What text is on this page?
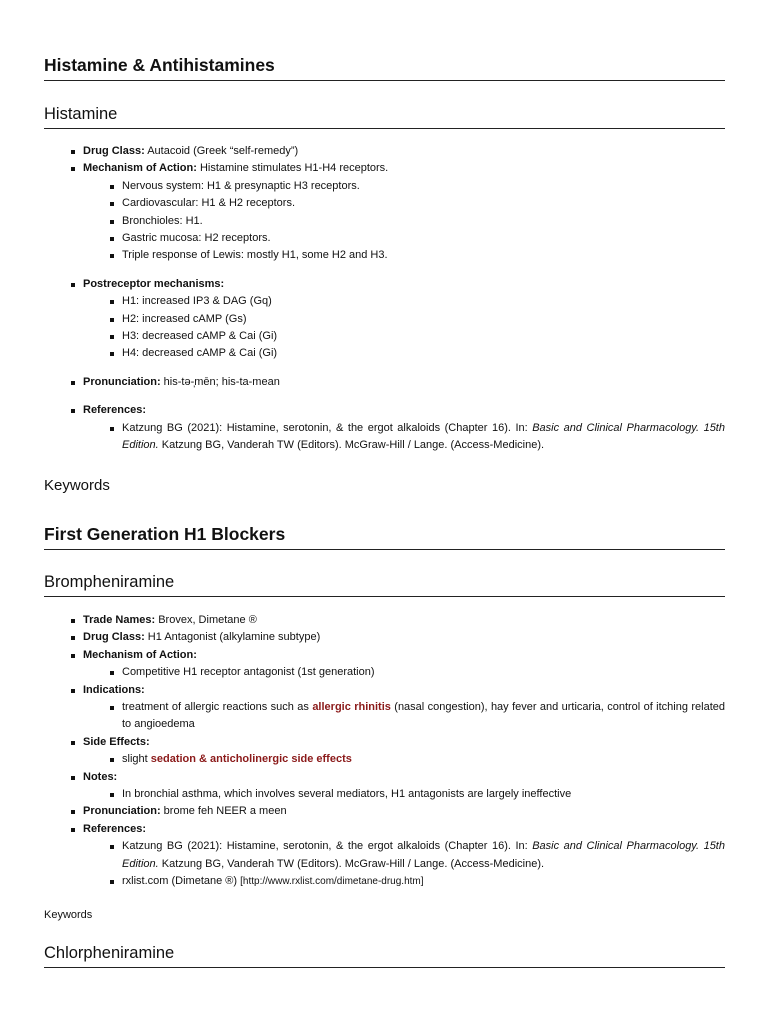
Histamine & Antihistamines
Histamine
Drug Class: Autacoid (Greek “self-remedy”)
Mechanism of Action: Histamine stimulates H1-H4 receptors.
Nervous system: H1 & presynaptic H3 receptors.
Cardiovascular: H1 & H2 receptors.
Bronchioles: H1.
Gastric mucosa: H2 receptors.
Triple response of Lewis: mostly H1, some H2 and H3.
Postreceptor mechanisms:
H1: increased IP3 & DAG (Gq)
H2: increased cAMP (Gs)
H3: decreased cAMP & Cai (Gi)
H4: decreased cAMP & Cai (Gi)
Pronunciation: his-tə-̦mēn; his-ta-mean
References:
Katzung BG (2021): Histamine, serotonin, & the ergot alkaloids (Chapter 16). In: Basic and Clinical Pharmacology. 15th Edition. Katzung BG, Vanderah TW (Editors). McGraw-Hill / Lange. (Access-Medicine).
Keywords
First Generation H1 Blockers
Brompheniramine
Trade Names: Brovex, Dimetane ®
Drug Class: H1 Antagonist (alkylamine subtype)
Mechanism of Action:
Competitive H1 receptor antagonist (1st generation)
Indications:
treatment of allergic reactions such as allergic rhinitis (nasal congestion), hay fever and urticaria, control of itching related to angioedema
Side Effects:
slight sedation & anticholinergic side effects
Notes:
In bronchial asthma, which involves several mediators, H1 antagonists are largely ineffective
Pronunciation: brome feh NEER a meen
References:
Katzung BG (2021): Histamine, serotonin, & the ergot alkaloids (Chapter 16). In: Basic and Clinical Pharmacology. 15th Edition. Katzung BG, Vanderah TW (Editors). McGraw-Hill / Lange. (Access-Medicine).
rxlist.com (Dimetane ®) [http://www.rxlist.com/dimetane-drug.htm]
Keywords
Chlorpheniramine
